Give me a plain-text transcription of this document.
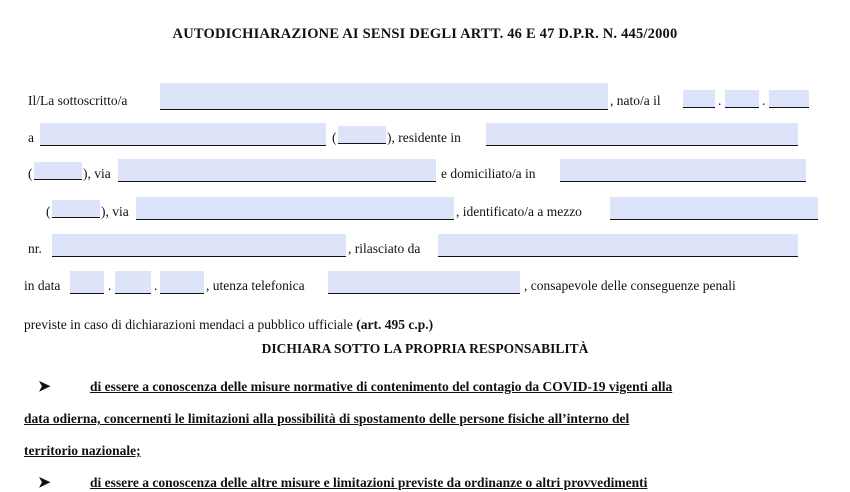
AUTODICHIARAZIONE AI SENSI DEGLI ARTT. 46 E 47 D.P.R. N. 445/2000
Il/La sottoscritto/a	, nato/a il	.	.
a	(	), residente in
(	), via	e domiciliato/a in
(	), via	, identificato/a a mezzo
nr.	, rilasciato da
in data	.	.	, utenza telefonica	, consapevole delle conseguenze penali
previste in caso di dichiarazioni mendaci a pubblico ufficiale (art. 495 c.p.)
DICHIARA SOTTO LA PROPRIA RESPONSABILITÀ
➤	di essere a conoscenza delle misure normative di contenimento del contagio da COVID-19 vigenti alla
data odierna, concernenti le limitazioni alla possibilità di spostamento delle persone fisiche all’interno del
territorio nazionale;
➤	di essere a conoscenza delle altre misure e limitazioni previste da ordinanze o altri provvedimenti
